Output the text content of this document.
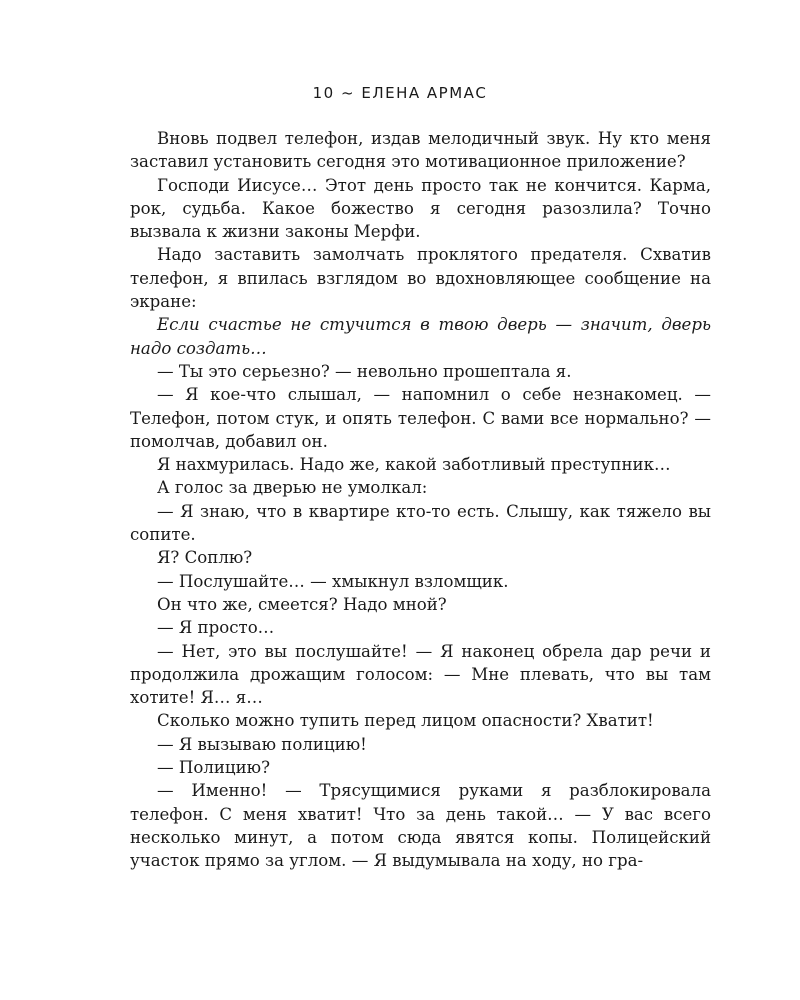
10 ~ ЕЛЕНА АРМАС

Вновь подвел телефон, издав мелодичный звук. Ну кто меня заставил установить сегодня это мотивационное приложение?

Господи Иисусе… Этот день просто так не кончится. Карма, рок, судьба. Какое божество я сегодня разозлила? Точно вызвала к жизни законы Мерфи.

Надо заставить замолчать проклятого предателя. Схватив телефон, я впилась взглядом во вдохновляющее сообщение на экране:

Если счастье не стучится в твою дверь — значит, дверь надо создать…

— Ты это серьезно? — невольно прошептала я.

— Я кое-что слышал, — напомнил о себе незнакомец. — Телефон, потом стук, и опять телефон. С вами все нормально? — помолчав, добавил он.

Я нахмурилась. Надо же, какой заботливый преступник…

А голос за дверью не умолкал:

— Я знаю, что в квартире кто-то есть. Слышу, как тяжело вы сопите.

Я? Соплю?

— Послушайте… — хмыкнул взломщик.

Он что же, смеется? Надо мной?

— Я просто…

— Нет, это вы послушайте! — Я наконец обрела дар речи и продолжила дрожащим голосом: — Мне плевать, что вы там хотите! Я… я…

Сколько можно тупить перед лицом опасности? Хватит!

— Я вызываю полицию!

— Полицию?

— Именно! — Трясущимися руками я разблокировала телефон. С меня хватит! Что за день такой… — У вас всего несколько минут, а потом сюда явятся копы. Полицейский участок прямо за углом. — Я выдумывала на ходу, но гра-
